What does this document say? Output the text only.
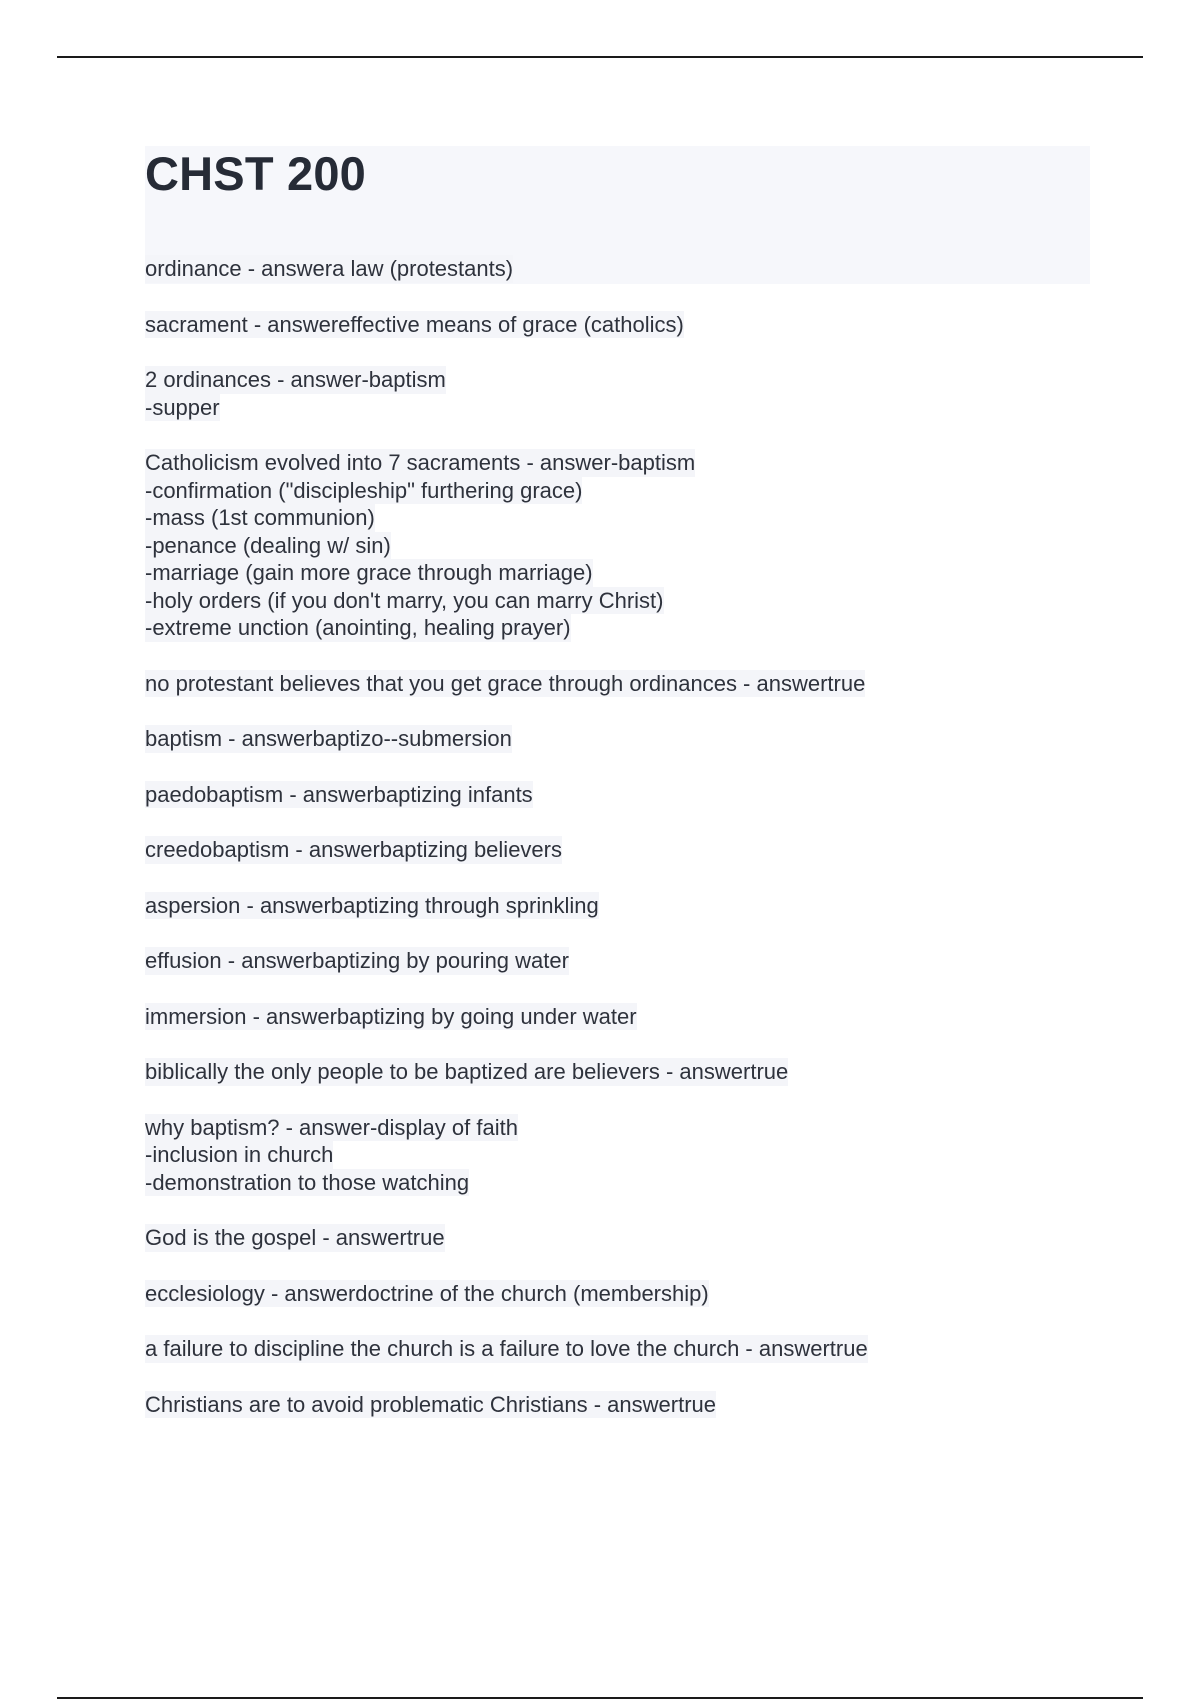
CHST 200
ordinance - answera law (protestants)
sacrament - answereffective means of grace (catholics)
2 ordinances - answer-baptism
-supper
Catholicism evolved into 7 sacraments - answer-baptism
-confirmation ("discipleship" furthering grace)
-mass (1st communion)
-penance (dealing w/ sin)
-marriage (gain more grace through marriage)
-holy orders (if you don't marry, you can marry Christ)
-extreme unction (anointing, healing prayer)
no protestant believes that you get grace through ordinances - answertrue
baptism - answerbaptizo--submersion
paedobaptism - answerbaptizing infants
creedobaptism - answerbaptizing believers
aspersion - answerbaptizing through sprinkling
effusion - answerbaptizing by pouring water
immersion - answerbaptizing by going under water
biblically the only people to be baptized are believers - answertrue
why baptism? - answer-display of faith
-inclusion in church
-demonstration to those watching
God is the gospel - answertrue
ecclesiology - answerdoctrine of the church (membership)
a failure to discipline the church is a failure to love the church - answertrue
Christians are to avoid problematic Christians - answertrue
